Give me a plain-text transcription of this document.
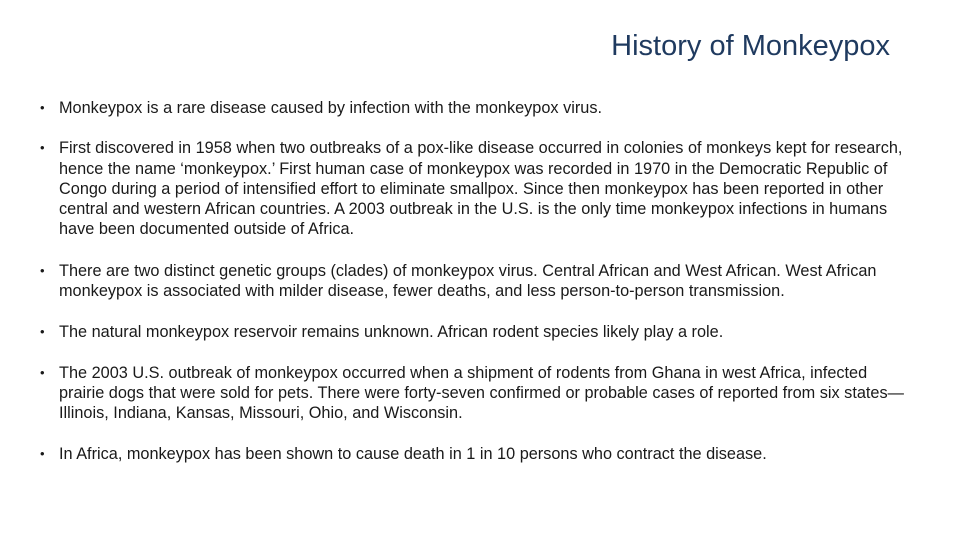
History of Monkeypox
• Monkeypox is a rare disease caused by infection with the monkeypox virus.
• First discovered in 1958 when two outbreaks of a pox-like disease occurred in colonies of monkeys kept for research, hence the name ‘monkeypox.’ First human case of monkeypox was recorded in 1970 in the Democratic Republic of Congo during a period of intensified effort to eliminate smallpox. Since then monkeypox has been reported in other central and western African countries. A 2003 outbreak in the U.S. is the only time monkeypox infections in humans have been documented outside of Africa.
• There are two distinct genetic groups (clades) of monkeypox virus. Central African and West African. West African monkeypox is associated with milder disease, fewer deaths, and less person-to-person transmission.
• The natural monkeypox reservoir remains unknown. African rodent species likely play a role.
• The 2003 U.S. outbreak of monkeypox occurred when a shipment of rodents from Ghana in west Africa, infected prairie dogs that were sold for pets. There were forty-seven confirmed or probable cases of reported from six states—Illinois, Indiana, Kansas, Missouri, Ohio, and Wisconsin.
• In Africa, monkeypox has been shown to cause death in 1 in 10 persons who contract the disease.
